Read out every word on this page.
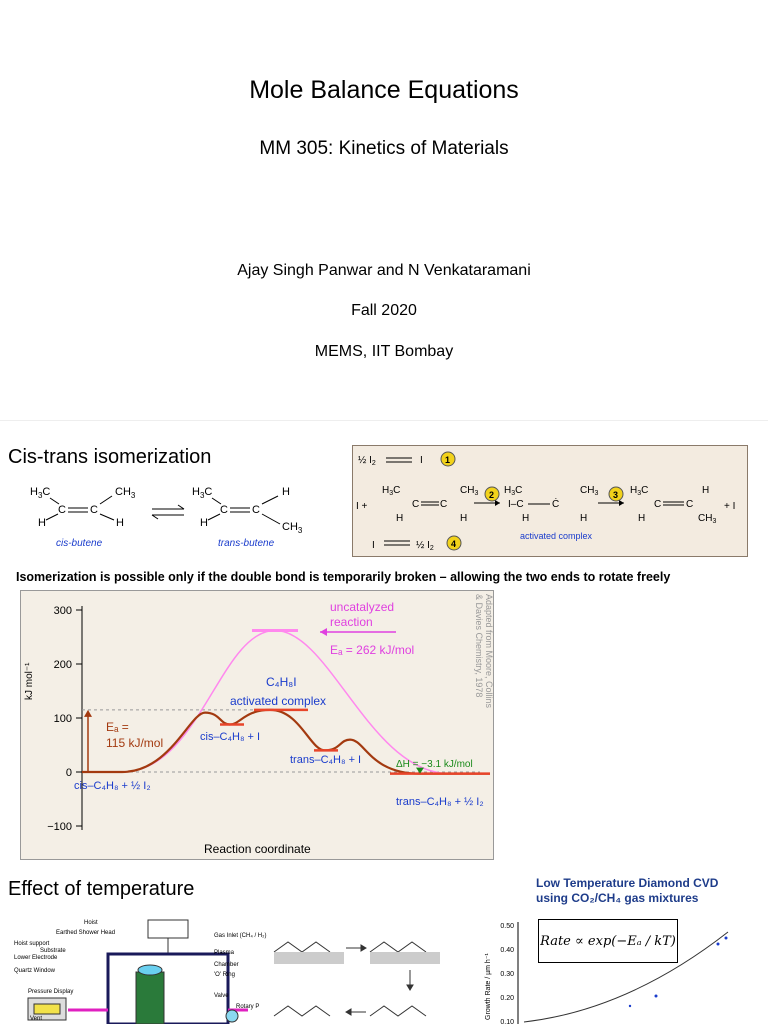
Mole Balance Equations
MM 305: Kinetics of Materials
Ajay Singh Panwar and N Venkataramani
Fall 2020
MEMS, IIT Bombay
Cis-trans isomerization
$H_3C$	$CH_3$
H
C C
H
$H_3C$	H
H
C C
$CH_3$
cis-butene	trans-butene
½ $I_2$	I 1
I +
$H_3C$	$CH_3$
H
C C
H
2 $H_3C$	$CH_3$
I–C	Ċ
H	H
3 $H_3C$	H
H
C C
$CH_3$
+ I
I	½ $I_2$ 4
activated complex
Isomerization is possible only if the double bond is temporarily broken – allowing the two ends to rotate freely
−100
0
100
200
300
kJ mol⁻¹
Reaction coordinate
Adapted from Moore, Collins & Davies Chemistry, 1978
uncatalyzed
reaction
Eₐ = 262 kJ/mol
C₄H₈I
activated complex
Eₐ =
115 kJ/mol	cis–C₄H₈ + I
trans–C₄H₈ + I	ΔH = −3.1 kJ/mol
cis–C₄H₈ + ½ I₂
trans–C₄H₈ + ½ I₂
Effect of temperature	Low Temperature Diamond CVD
using CO₂/CH₄ gas mixtures
Hoist
Earthed Shower Head
Hoist support
Substrate
Lower Electrode
Quartz Window
Pressure Display
Vent
Gas Inlet (CH₄ / H₂)
Plasma
Chamber
'O' Ring
Valve
Rotary P
Rate ∝ exp(−Eₐ / kT)
0.50
0.40
0.30
0.20
0.10
Growth Rate / µm h⁻¹
